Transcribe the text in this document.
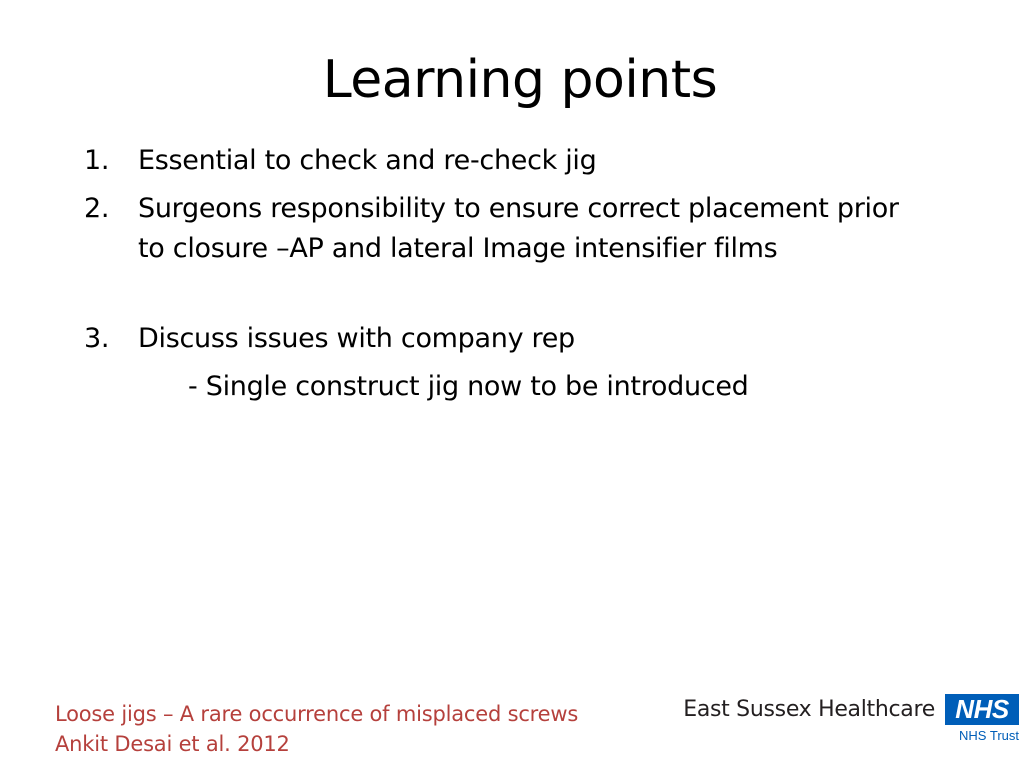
Learning points
1. Essential to check and re-check jig
2. Surgeons responsibility to ensure correct placement prior
to closure –AP and lateral Image intensifier films
3. Discuss issues with company rep
- Single construct jig now to be introduced
Loose jigs – A rare occurrence of misplaced screws
Ankit Desai et al. 2012
East Sussex Healthcare NHS
NHS Trust
